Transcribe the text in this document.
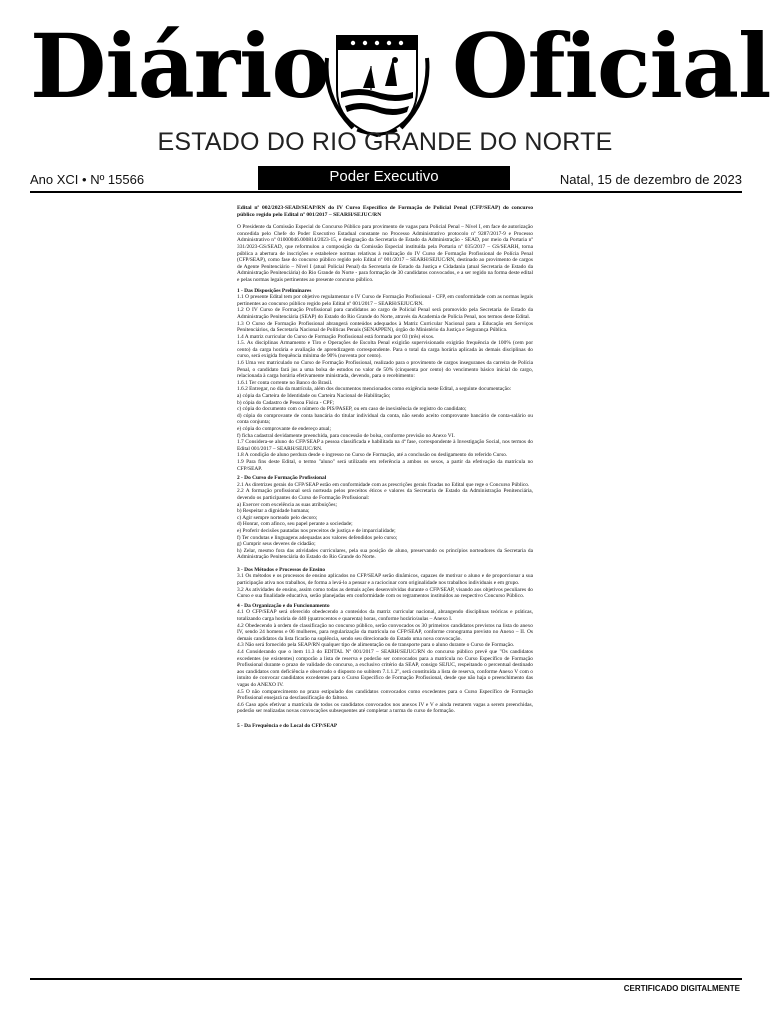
Diário Oficial
ESTADO DO RIO GRANDE DO NORTE
Ano XCI • Nº 15566	Poder Executivo	Natal, 15 de dezembro de 2023

Edital nº 002/2023-SEAD/SEAP/RN do IV Curso Específico de Formação de Policial Penal (CFP/SEAP) do concurso público regido pelo Edital nº 001/2017 – SEARH/SEJUC/RN

O Presidente da Comissão Especial do Concurso Público para provimento de vagas para Policial Penal – Nível I, em face de autorização concedida pelo Chefe do Poder Executivo Estadual constante no Processo Administrativo protocolo nº 9287/2017-9 e Processo Administrativo nº 01000046.000814/2023-15, e designação da Secretaria de Estado da Administração - SEAD, por meio da Portaria nº 331/2023-GS/SEAD, que reformulou a composição da Comissão Especial instituída pela Portaria nº 035/2017 – GS/SEARH, torna pública a abertura de inscrições e estabelece normas relativas à realização do IV Curso de Formação Profissional de Polícia Penal (CFP/SEAP), como fase do concurso público regido pelo Edital nº 001/2017 – SEARH/SEJUC/RN, destinado ao provimento de cargos de Agente Penitenciário – Nível I (atual Policial Penal) da Secretaria de Estado da Justiça e Cidadania (atual Secretaria de Estado da Administração Penitenciária) do Rio Grande do Norte - para formação de 30 candidatos convocados, e a ser regido na forma deste edital e pelas normas legais pertinentes ao presente concurso público.

1 - Das Disposições Preliminares

1.1 O presente Edital tem por objetivo regulamentar o IV Curso de Formação Profissional - CFP, em conformidade com as normas legais pertinentes ao concurso público regido pelo Edital nº 001/2017 – SEARH/SEJUC/RN.

1.2 O IV Curso de Formação Profissional para candidatos ao cargo de Policial Penal será promovido pela Secretaria de Estado da Administração Penitenciária (SEAP) do Estado do Rio Grande do Norte, através da Academia de Polícia Penal, nos termos deste Edital.

1.3 O Curso de Formação Profissional abrangerá conteúdos adequados à Matriz Curricular Nacional para a Educação em Serviços Penitenciários, da Secretaria Nacional de Políticas Penais (SENAPPEN), órgão do Ministério da Justiça e Segurança Pública.

1.4 A matriz curricular do Curso de Formação Profissional está formada por 03 (três) eixos.

1.5. As disciplinas Armamento e Tiro e Operações de Escolta Penal exigirão supervisionado exigirão frequência de 100% (cem por cento) da carga horária e avaliação de aprendizagem correspondente. Para o total da carga horária aplicada às demais disciplinas do curso, será exigida frequência mínima de 90% (noventa por cento).

1.6 Uma vez matriculado no Curso de Formação Profissional, realizado para o provimento de cargos inseguranes da carreira de Polícia Penal, o candidato fará jus a uma bolsa de estudos no valor de 50% (cinquenta por cento) do vencimento básico inicial do cargo, relacionada à carga horária efetivamente ministrada, devendo, para o recebimento:

1.6.1 Ter conta corrente no Banco do Brasil.

1.6.2 Entregar, no dia da matrícula, além dos documentos mencionados como exigência neste Edital, a seguinte documentação:

a) cópia da Carteira de Identidade ou Carteira Nacional de Habilitação;

b) cópia do Cadastro de Pessoa Física - CPF;

c) cópia do documento com o número do PIS/PASEP, ou em caso de inexistência de registro do candidato;

d) cópia do comprovante de conta bancária do titular individual da conta, não sendo aceito comprovante bancário de conta-salário ou conta conjunta;

e) cópia do comprovante de endereço atual;

f) ficha cadastral devidamente preenchida, para concessão de bolsa, conforme previsão no Anexo VI.

1.7 Considera-se aluno do CFP/SEAP a pessoa classificada e habilitada na 4ª fase, correspondente à Investigação Social, nos termos do Edital 001/2017 – SEARH/SEJUC/RN.

1.8 A condição de aluno perdura desde o ingresso no Curso de Formação, até a conclusão ou desligamento do referido Curso.

1.9 Para fins deste Edital, o termo "aluno" será utilizado em referência a ambos os sexos, a partir da efetivação da matrícula no CFP/SEAP.

2 - Do Curso de Formação Profissional

2.1 As diretrizes gerais do CFP/SEAP estão em conformidade com as prescrições gerais fixadas no Edital que rege o Concurso Público.

2.2 A formação profissional será norteada pelos preceitos éticos e valores da Secretaria de Estado da Administração Penitenciária, devendo os participantes do Curso de Formação Profissional:

a) Exercer com excelência as suas atribuições;

b) Respeitar a dignidade humana;

c) Agir sempre norteado pelo decoro;

d) Honrar, com afinco, seu papel perante a sociedade;

e) Proferir decisões pautadas nos preceitos de justiça e de imparcialidade;

f) Ter condutas e linguagens adequadas aos valores defendidos pelo curso;

g) Cumprir seus deveres de cidadão;

h) Zelar, mesmo fora das atividades curriculares, pela sua posição de aluno, preservando os princípios norteadores da Secretaria da Administração Penitenciária do Estado do Rio Grande do Norte.

3 - Dos Métodos e Processos de Ensino

3.1 Os métodos e os processos de ensino aplicados no CFP/SEAP serão dinâmicos, capazes de motivar o aluno e de proporcionar a sua participação ativa nos trabalhos, de forma a levá-lo a pensar e a raciocinar com originalidade nos trabalhos individuais e em grupo.

3.2 As atividades de ensino, assim como todas as demais ações desenvolvidas durante o CFP/SEAP, visando aos objetivos peculiares do Curso e sua finalidade educativa, serão planejadas em conformidade com os regramentos instituídos ao respectivo Concurso Público.

4 - Da Organização e do Funcionamento

4.1 O CFP/SEAP será oferecido obedecendo a conteúdos da matriz curricular nacional, abrangendo disciplinas teóricas e práticas, totalizando carga horária de 440 (quatrocentos e quarenta) horas, conforme horário/aulas – Anexo I.

4.2 Obedecendo à ordem de classificação no concurso público, serão convocados os 30 primeiros candidatos previstos na lista do anexo IV, sendo 24 homens e 06 mulheres, para regularização da matrícula no CFP/SEAP, conforme cronograma previsto no Anexo – II. Os demais candidatos da lista ficarão na suplência, sendo seu direcionado do Estado uma nova convocação.

4.3 Não será fornecido pela SEAP/RN qualquer tipo de alimentação ou de transporte para o aluno durante o Curso de Formação.

4.4 Considerando que o item 11.3 do EDITAL Nº 001/2017 – SEARH/SEJUC/RN do concurso público prevê que "Os candidatos excedentes (se existentes) comporão a lista de reserva e poderão ser convocados para a matrícula no Curso Específico de Formação Profissional durante o prazo de validade do concurso, a exclusivo critério da SEAP, consigo SEJUC, respeitando o percentual destinado aos candidatos com deficiência e observado o disposto no subitem 7.1.1.2", será constituída a lista de reserva, conforme Anexo V com o intuito de convocar candidatos excedentes para o Curso Específico de Formação Profissional, desde que não haja o preenchimento das vagas do ANEXO IV.

4.5 O não comparecimento no prazo estipulado dos candidatos convocados como excedentes para o Curso Específico de Formação Profissional ensejará na desclassificação do faltoso.

4.6 Caso após efetivar a matrícula de todos os candidatos convocados nos anexos IV e V e ainda restarem vagas a serem preenchidas, poderão ser realizadas novas convocações subsequentes até completar a turma do curso de formação.

5 - Da Frequência e do Local do CFP/SEAP

CERTIFICADO DIGITALMENTE
